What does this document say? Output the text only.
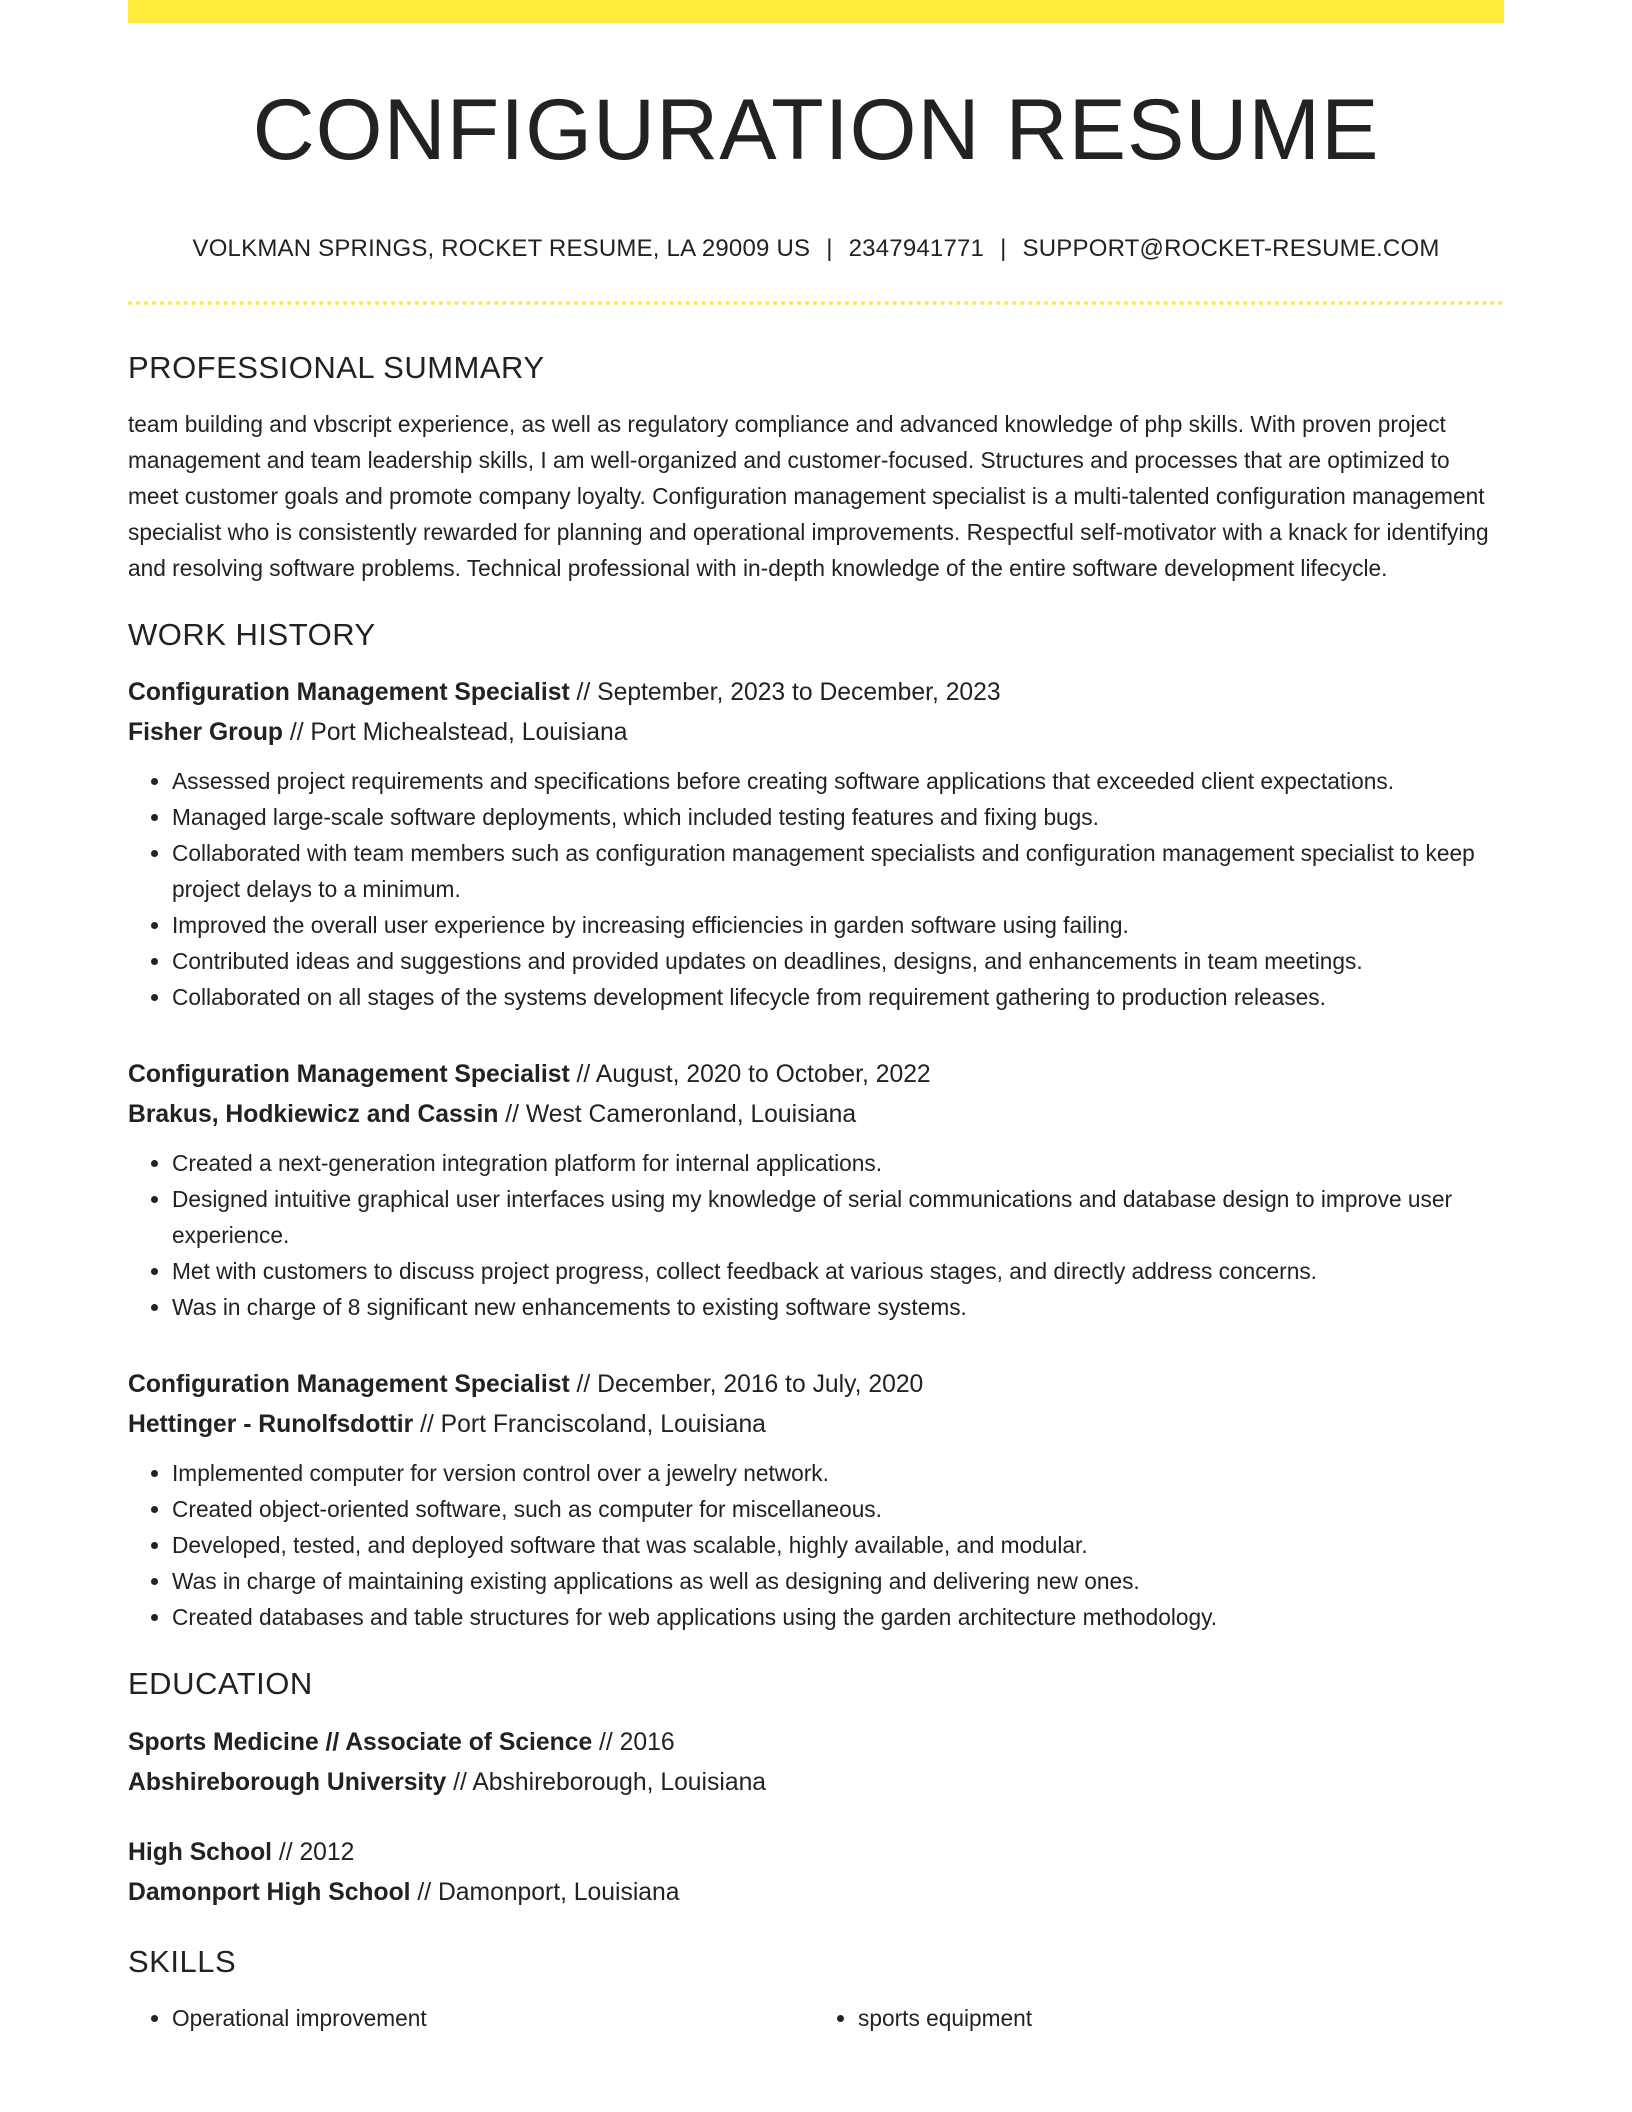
CONFIGURATION RESUME
VOLKMAN SPRINGS, ROCKET RESUME, LA 29009 US | 2347941771 | SUPPORT@ROCKET-RESUME.COM
PROFESSIONAL SUMMARY

team building and vbscript experience, as well as regulatory compliance and advanced knowledge of php skills. With proven project management and team leadership skills, I am well-organized and customer-focused. Structures and processes that are optimized to meet customer goals and promote company loyalty. Configuration management specialist is a multi-talented configuration management specialist who is consistently rewarded for planning and operational improvements. Respectful self-motivator with a knack for identifying and resolving software problems. Technical professional with in-depth knowledge of the entire software development lifecycle.

WORK HISTORY
Configuration Management Specialist // September, 2023 to December, 2023
Fisher Group // Port Michealstead, Louisiana
• Assessed project requirements and specifications before creating software applications that exceeded client expectations.
• Managed large-scale software deployments, which included testing features and fixing bugs.
• Collaborated with team members such as configuration management specialists and configuration management specialist to keep project delays to a minimum.
• Improved the overall user experience by increasing efficiencies in garden software using failing.
• Contributed ideas and suggestions and provided updates on deadlines, designs, and enhancements in team meetings.
• Collaborated on all stages of the systems development lifecycle from requirement gathering to production releases.
Configuration Management Specialist // August, 2020 to October, 2022
Brakus, Hodkiewicz and Cassin // West Cameronland, Louisiana
• Created a next-generation integration platform for internal applications.
• Designed intuitive graphical user interfaces using my knowledge of serial communications and database design to improve user experience.
• Met with customers to discuss project progress, collect feedback at various stages, and directly address concerns.
• Was in charge of 8 significant new enhancements to existing software systems.
Configuration Management Specialist // December, 2016 to July, 2020
Hettinger - Runolfsdottir // Port Franciscoland, Louisiana
• Implemented computer for version control over a jewelry network.
• Created object-oriented software, such as computer for miscellaneous.
• Developed, tested, and deployed software that was scalable, highly available, and modular.
• Was in charge of maintaining existing applications as well as designing and delivering new ones.
• Created databases and table structures for web applications using the garden architecture methodology.
EDUCATION
Sports Medicine // Associate of Science // 2016
Abshireborough University // Abshireborough, Louisiana
High School // 2012
Damonport High School // Damonport, Louisiana
SKILLS
• Operational improvement
•	sports equipment
